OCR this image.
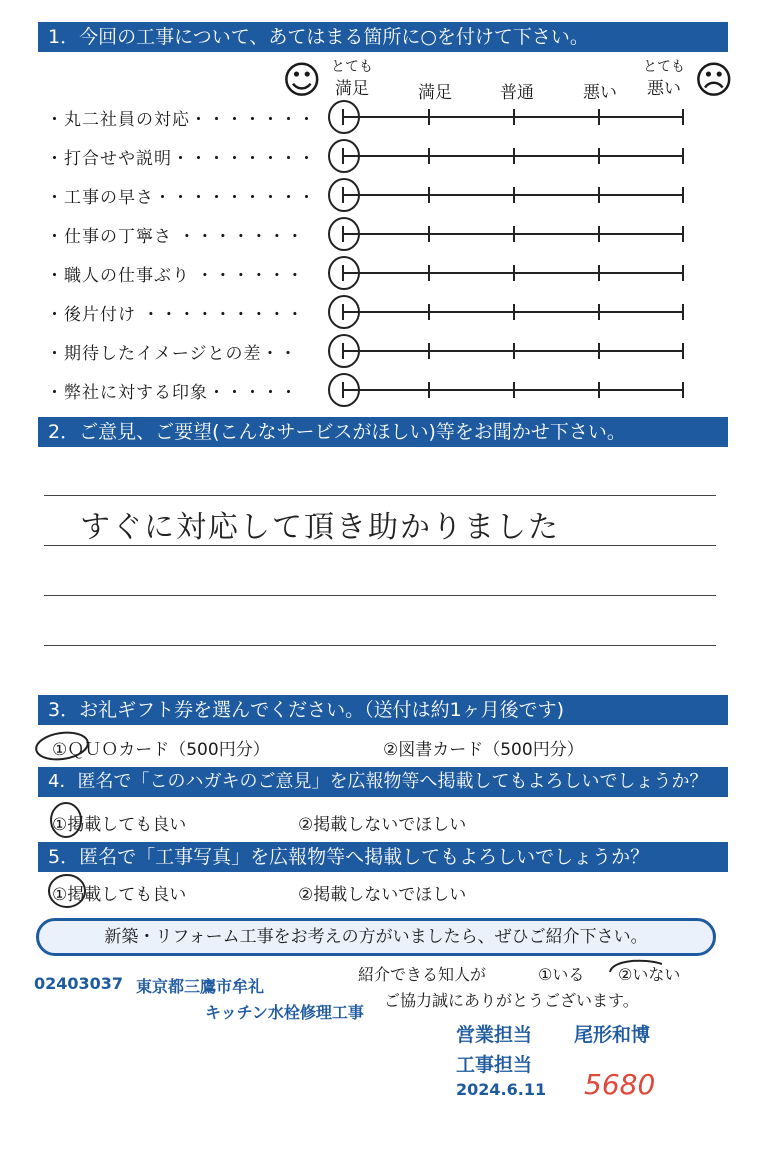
1．今回の工事について、あてはまる箇所に○を付けて下さい。
☺	☹
とても
満足	満足	普通	悪い
とても
悪い
・丸二社員の対応・・・・・・・
・打合せや説明・・・・・・・・
・工事の早さ・・・・・・・・・
・仕事の丁寧さ ・・・・・・・
・職人の仕事ぶり ・・・・・・
・後片付け ・・・・・・・・・
・期待したイメージとの差・・
・弊社に対する印象・・・・・
2．ご意見、ご要望(こんなサービスがほしい)等をお聞かせ下さい。
すぐに対応して頂き助かりました
3．お礼ギフト券を選んでください。（送付は約1ヶ月後です)
①ＱＵＯカード（500円分）	②図書カード（500円分）
4．匿名で「このハガキのご意見」を広報物等へ掲載してもよろしいでしょうか？
①掲載しても良い	②掲載しないでほしい
5．匿名で「工事写真」を広報物等へ掲載してもよろしいでしょうか？
①掲載しても良い	②掲載しないでほしい
新築・リフォーム工事をお考えの方がいましたら、ぜひご紹介下さい。
紹介できる知人が	①いる ②いない
ご協力誠にありがとうございます。
02403037 東京都三鷹市牟礼
キッチン水栓修理工事
営業担当 尾形和博
工事担当
2024.6.11 5680
